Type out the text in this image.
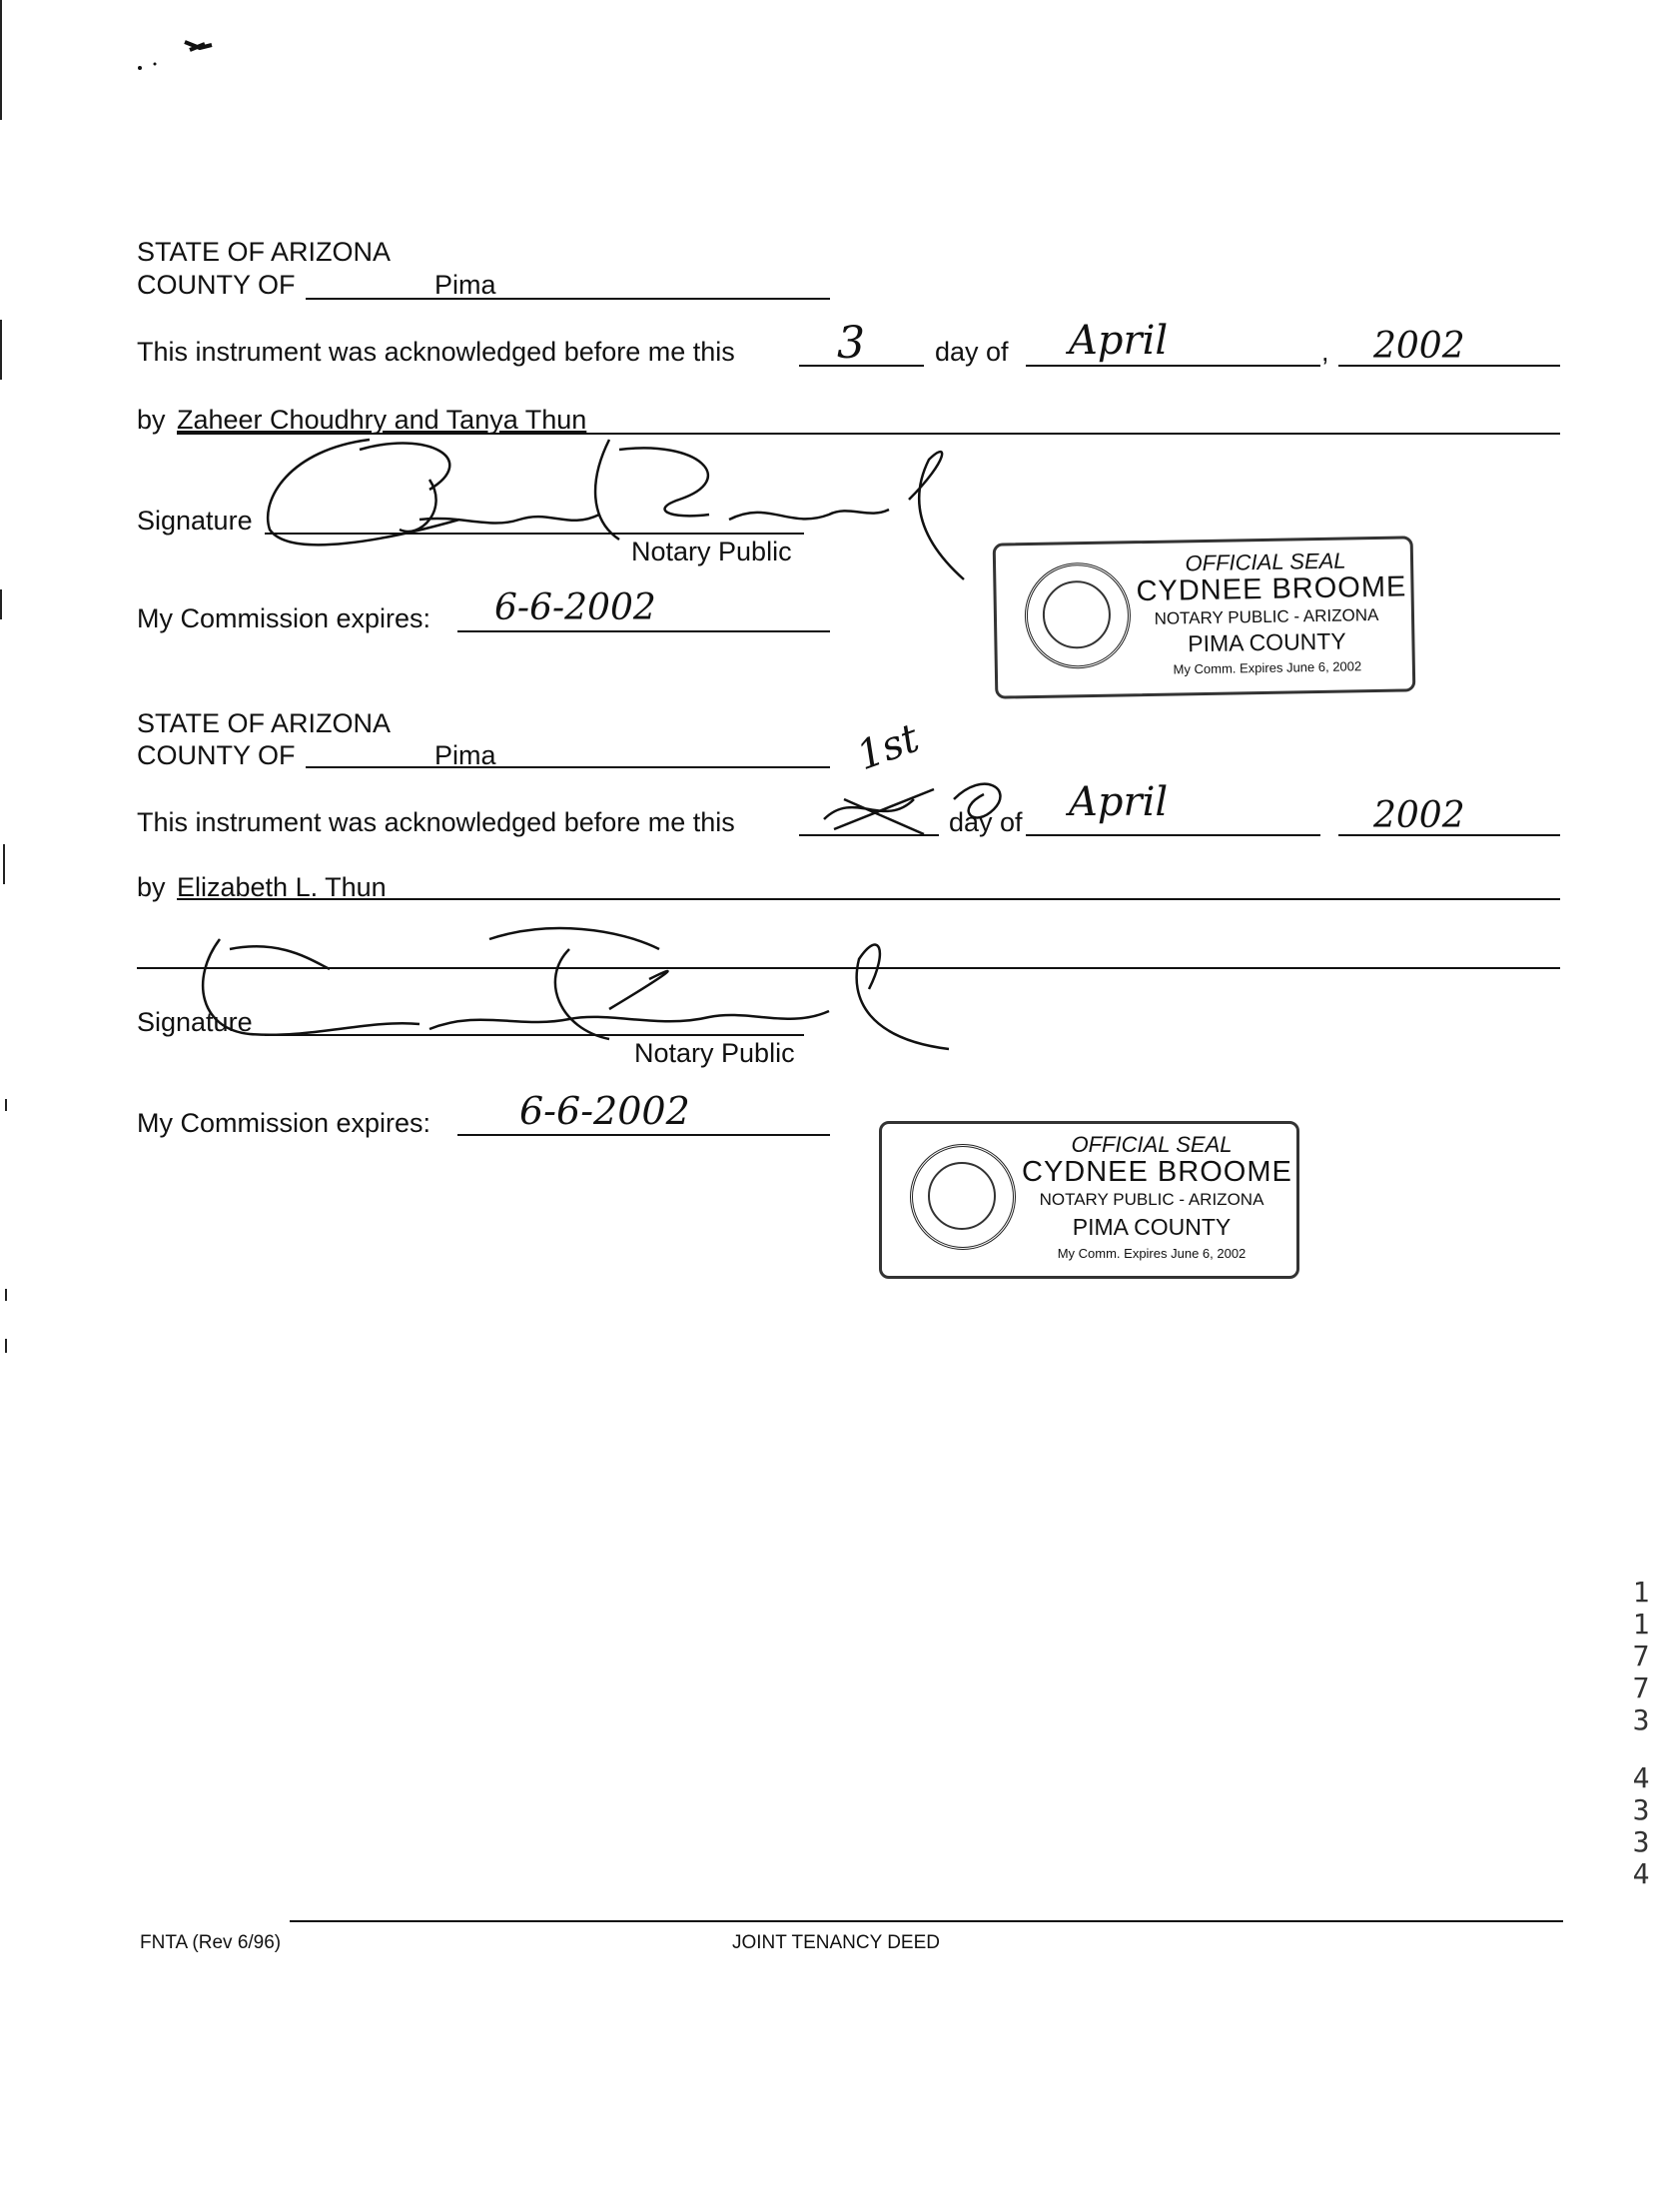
STATE OF ARIZONA
COUNTY OF	Pima
This instrument was acknowledged before me this 3	day of April	, 2002
by Zaheer Choudhry and Tanya Thun
Signature
Notary Public
My Commission expires: 6-6-2002
OFFICIAL SEAL
CYDNEE BROOME
NOTARY PUBLIC - ARIZONA
PIMA COUNTY
My Comm. Expires June 6, 2002
STATE OF ARIZONA
COUNTY OF	Pima
This instrument was acknowledged before me this
1st
day of April	2002
by Elizabeth L. Thun
Signature
Notary Public
My Commission expires: 6-6-2002
OFFICIAL SEAL
CYDNEE BROOME
NOTARY PUBLIC - ARIZONA
PIMA COUNTY
My Comm. Expires June 6, 2002
1
1
7
7
3
4
3
3
4
FNTA (Rev 6/96)	JOINT TENANCY DEED
